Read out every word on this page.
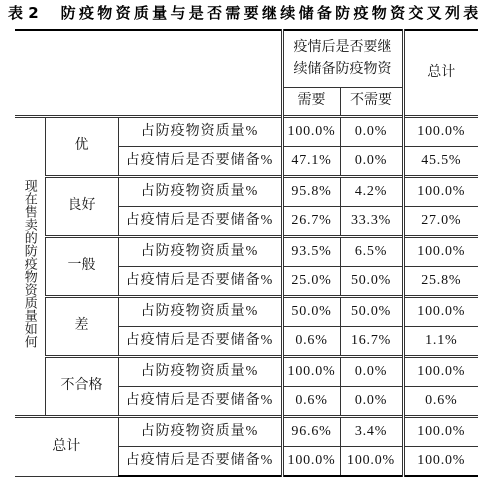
表 2 防疫物资质量与是否需要继续储备防疫物资交叉列表
			疫情后是否要继续储备防疫物资		总计
			需要	不需要	
现在售卖的防疫物资质量如何	优	占防疫物资质量%	100.0%	0.0%	100.0%
		占疫情后是否要储备%	47.1%	0.0%	45.5%
	良好	占防疫物资质量%	95.8%	4.2%	100.0%
		占疫情后是否要储备%	26.7%	33.3%	27.0%
	一般	占防疫物资质量%	93.5%	6.5%	100.0%
		占疫情后是否要储备%	25.0%	50.0%	25.8%
	差	占防疫物资质量%	50.0%	50.0%	100.0%
		占疫情后是否要储备%	0.6%	16.7%	1.1%
	不合格	占防疫物资质量%	100.0%	0.0%	100.0%
		占疫情后是否要储备%	0.6%	0.0%	0.6%
总计		占防疫物资质量%	96.6%	3.4%	100.0%
		占疫情后是否要储备%	100.0%	100.0%	100.0%
